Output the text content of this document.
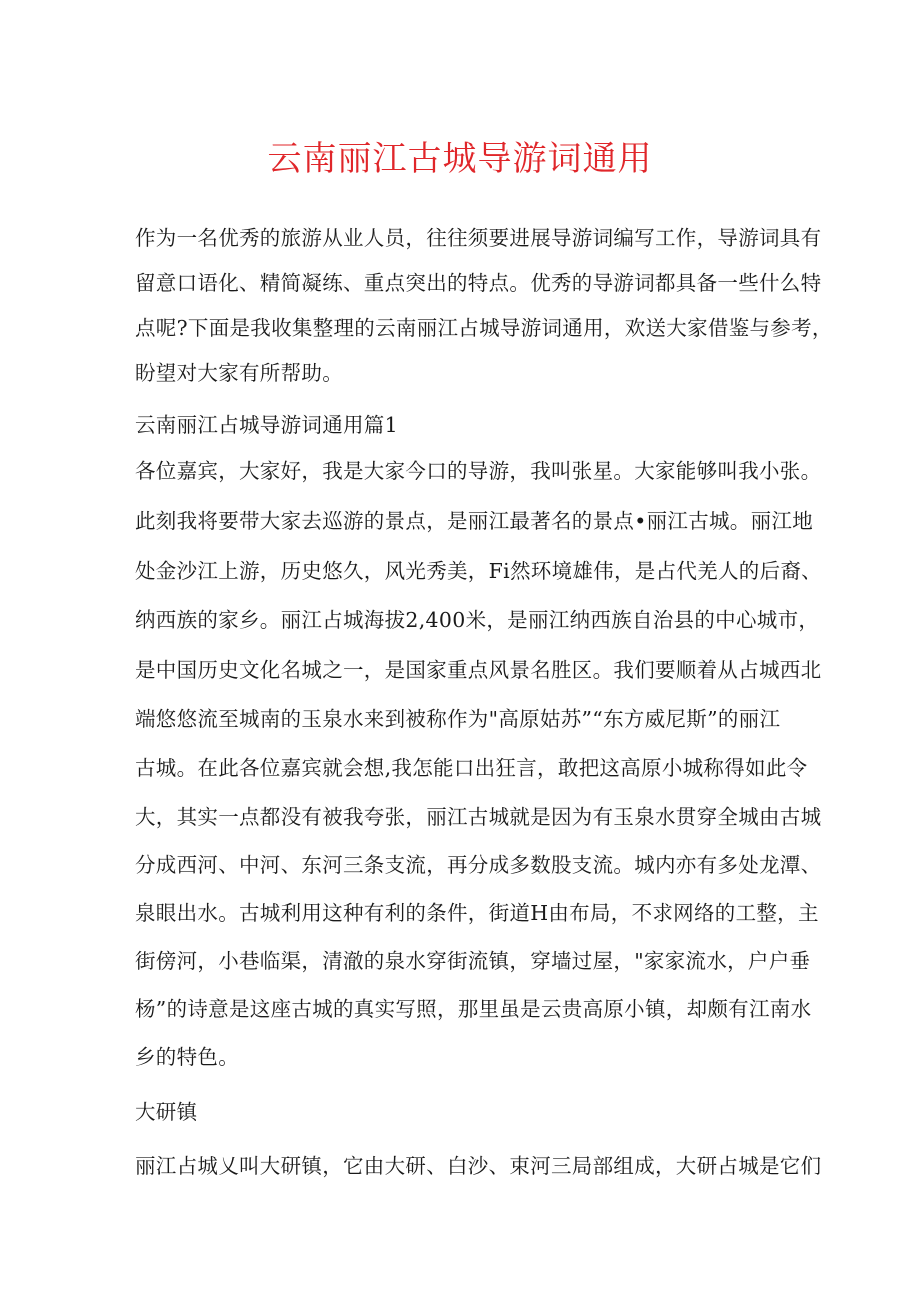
云南丽江古城导游词通用
作为一名优秀的旅游从业人员，往往须要进展导游词编写工作，导游词具有
留意口语化、精简凝练、重点突出的特点。优秀的导游词都具备一些什么特
点呢?下面是我收集整理的云南丽江占城导游词通用，欢送大家借鉴与参考，
盼望对大家有所帮助。
云南丽江占城导游词通用篇1
各位嘉宾，大家好，我是大家今口的导游，我叫张星。大家能够叫我小张。
此刻我将要带大家去巡游的景点，是丽江最著名的景点•丽江古城。丽江地
处金沙江上游，历史悠久，风光秀美，Fi然环境雄伟，是占代羌人的后裔、
纳西族的家乡。丽江占城海拔2,400米，是丽江纳西族自治县的中心城市，
是中国历史文化名城之一，是国家重点风景名胜区。我们要顺着从占城西北
端悠悠流至城南的玉泉水来到被称作为"高原姑苏”“东方威尼斯”的丽江
古城。在此各位嘉宾就会想,我怎能口出狂言，敢把这高原小城称得如此令
大，其实一点都没有被我夸张，丽江古城就是因为有玉泉水贯穿全城由古城
分成西河、中河、东河三条支流，再分成多数股支流。城内亦有多处龙潭、
泉眼出水。古城利用这种有利的条件，街道H由布局，不求网络的工整，主
街傍河，小巷临渠，清澈的泉水穿街流镇，穿墙过屋，"家家流水，户户垂
杨”的诗意是这座古城的真实写照，那里虽是云贵高原小镇，却颇有江南水
乡的特色。
大研镇
丽江占城乂叫大研镇，它由大研、白沙、束河三局部组成，大研占城是它们
